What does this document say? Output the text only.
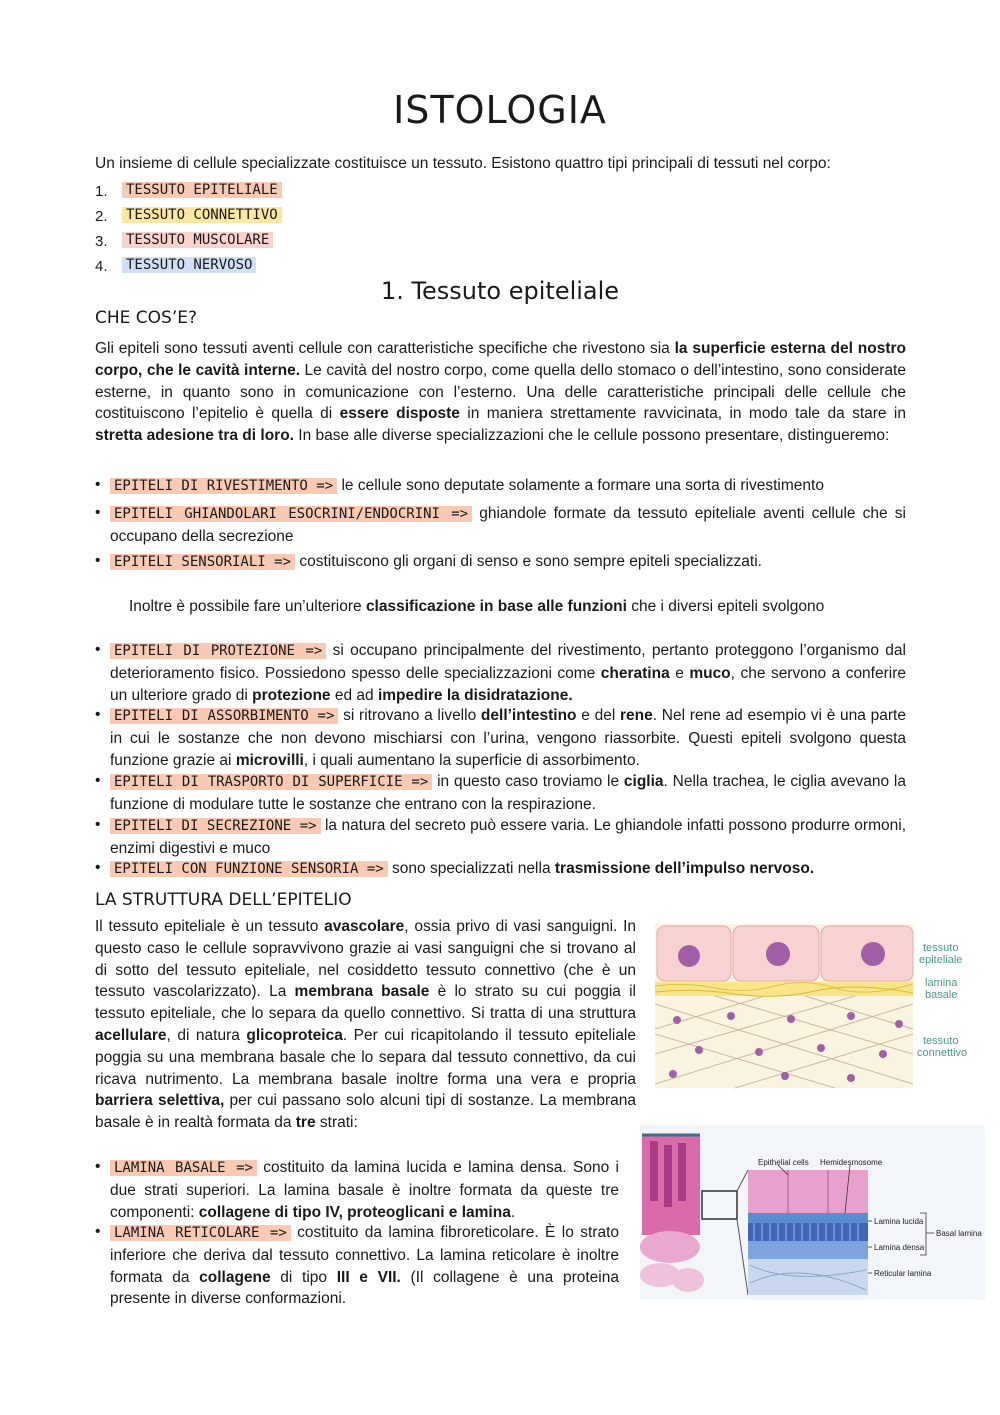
ISTOLOGIA
Un insieme di cellule specializzate costituisce un tessuto. Esistono quattro tipi principali di tessuti nel corpo:
1. TESSUTO EPITELIALE
2. TESSUTO CONNETTIVO
3. TESSUTO MUSCOLARE
4. TESSUTO NERVOSO
1. Tessuto epiteliale
CHE COS’E?
Gli epiteli sono tessuti aventi cellule con caratteristiche specifiche che rivestono sia la superficie esterna del nostro corpo, che le cavità interne. Le cavità del nostro corpo, come quella dello stomaco o dell’intestino, sono considerate esterne, in quanto sono in comunicazione con l’esterno. Una delle caratteristiche principali delle cellule che costituiscono l’epitelio è quella di essere disposte in maniera strettamente ravvicinata, in modo tale da stare in stretta adesione tra di loro. In base alle diverse specializzazioni che le cellule possono presentare, distingueremo:
• EPITELI DI RIVESTIMENTO => le cellule sono deputate solamente a formare una sorta di rivestimento
• EPITELI GHIANDOLARI ESOCRINI/ENDOCRINI => ghiandole formate da tessuto epiteliale aventi cellule che si occupano della secrezione
• EPITELI SENSORIALI => costituiscono gli organi di senso e sono sempre epiteli specializzati.
Inoltre è possibile fare un’ulteriore classificazione in base alle funzioni che i diversi epiteli svolgono
• EPITELI DI PROTEZIONE => si occupano principalmente del rivestimento, pertanto proteggono l’organismo dal deterioramento fisico. Possiedono spesso delle specializzazioni come cheratina e muco, che servono a conferire un ulteriore grado di protezione ed ad impedire la disidratazione.
• EPITELI DI ASSORBIMENTO => si ritrovano a livello dell’intestino e del rene. Nel rene ad esempio vi è una parte in cui le sostanze che non devono mischiarsi con l’urina, vengono riassorbite. Questi epiteli svolgono questa funzione grazie ai microvilli, i quali aumentano la superficie di assorbimento.
• EPITELI DI TRASPORTO DI SUPERFICIE => in questo caso troviamo le ciglia. Nella trachea, le ciglia avevano la funzione di modulare tutte le sostanze che entrano con la respirazione.
• EPITELI DI SECREZIONE => la natura del secreto può essere varia. Le ghiandole infatti possono produrre ormoni, enzimi digestivi e muco
• EPITELI CON FUNZIONE SENSORIA => sono specializzati nella trasmissione dell’impulso nervoso.
LA STRUTTURA DELL’EPITELIO
Il tessuto epiteliale è un tessuto avascolare, ossia privo di vasi sanguigni. In questo caso le cellule sopravvivono grazie ai vasi sanguigni che si trovano al di sotto del tessuto epiteliale, nel cosiddetto tessuto connettivo (che è un tessuto vascolarizzato). La membrana basale è lo strato su cui poggia il tessuto epiteliale, che lo separa da quello connettivo. Si tratta di una struttura acellulare, di natura glicoproteica. Per cui ricapitolando il tessuto epiteliale poggia su una membrana basale che lo separa dal tessuto connettivo, da cui ricava nutrimento. La membrana basale inoltre forma una vera e propria barriera selettiva, per cui passano solo alcuni tipi di sostanze. La membrana basale è in realtà formata da tre strati:
• LAMINA BASALE => costituito da lamina lucida e lamina densa. Sono i due strati superiori. La lamina basale è inoltre formata da queste tre componenti: collagene di tipo IV, proteoglicani e lamina.
• LAMINA RETICOLARE => costituito da lamina fibroreticolare. È lo strato inferiore che deriva dal tessuto connettivo. La lamina reticolare è inoltre formata da collagene di tipo III e VII. (Il collagene è una proteina presente in diverse conformazioni.
tessuto epiteliale
lamina basale
tessuto connettivo
Epithelial cells Hemidesmosome Lamina lucida Lamina densa Reticular lamina Basal lamina
